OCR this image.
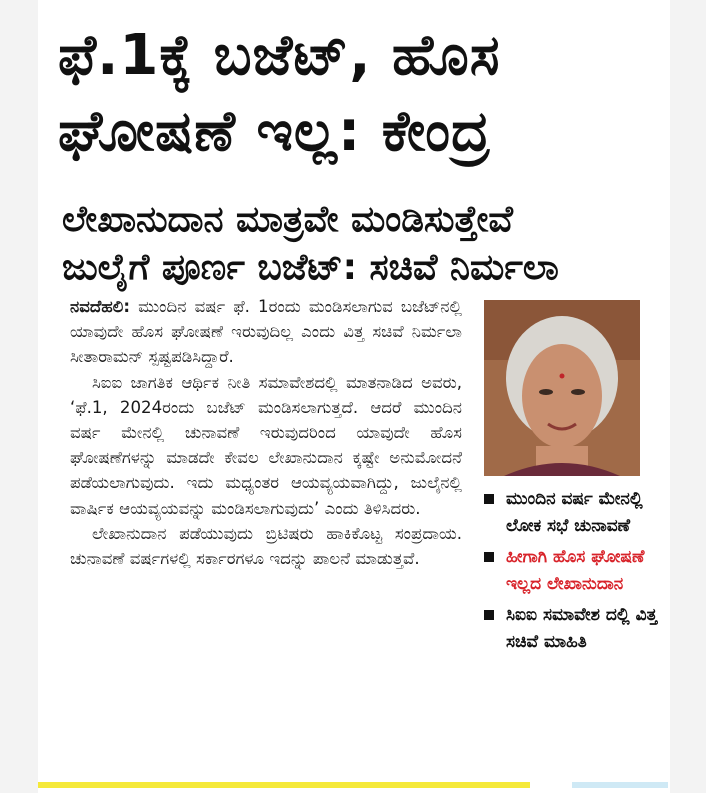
ಫೆ.1ಕ್ಕೆ ಬಜೆಟ್, ಹೊಸ
ಘೋಷಣೆ ಇಲ್ಲ: ಕೇಂದ್ರ
ಲೇಖಾನುದಾನ ಮಾತ್ರವೇ ಮಂಡಿಸುತ್ತೇವೆ
ಜುಲೈಗೆ ಪೂರ್ಣ ಬಜೆಟ್: ಸಚಿವೆ ನಿರ್ಮಲಾ

ನವದೆಹಲಿ: ಮುಂದಿನ ವರ್ಷ ಫೆ. 1ರಂದು ಮಂಡಿಸಲಾಗುವ ಬಜೆಟ್‌ನಲ್ಲಿ ಯಾವುದೇ ಹೊಸ ಘೋಷಣೆ ಇರುವುದಿಲ್ಲ ಎಂದು ವಿತ್ತ ಸಚಿವೆ ನಿರ್ಮಲಾ ಸೀತಾರಾಮನ್ ಸ್ಪಷ್ಟಪಡಿಸಿದ್ದಾರೆ.

ಸಿಐಐ ಜಾಗತಿಕ ಆರ್ಥಿಕ ನೀತಿ ಸಮಾವೇಶದಲ್ಲಿ ಮಾತನಾಡಿದ ಅವರು, ‘ಫೆ.1, 2024ರಂದು ಬಜೆಟ್ ಮಂಡಿಸಲಾಗುತ್ತದೆ. ಆದರೆ ಮುಂದಿನ ವರ್ಷ ಮೇನಲ್ಲಿ ಚುನಾವಣೆ ಇರುವುದರಿಂದ ಯಾವುದೇ ಹೊಸ ಘೋಷಣೆಗಳನ್ನು ಮಾಡದೇ ಕೇವಲ ಲೇಖಾನುದಾನ ಕ್ಕಷ್ಟೇ ಅನುಮೋದನೆ ಪಡೆಯಲಾಗುವುದು. ಇದು ಮಧ್ಯಂತರ ಆಯವ್ಯಯವಾಗಿದ್ದು, ಜುಲೈನಲ್ಲಿ ವಾರ್ಷಿಕ ಆಯವ್ಯಯವನ್ನು ಮಂಡಿಸಲಾಗುವುದು’ ಎಂದು ತಿಳಿಸಿದರು.

ಲೇಖಾನುದಾನ ಪಡೆಯುವುದು ಬ್ರಿಟಿಷರು ಹಾಕಿಕೊಟ್ಟ ಸಂಪ್ರದಾಯ. ಚುನಾವಣೆ ವರ್ಷಗಳಲ್ಲಿ ಸರ್ಕಾರಗಳೂ ಇದನ್ನು ಪಾಲನೆ ಮಾಡುತ್ತವೆ.

ಮುಂದಿನ ವರ್ಷ ಮೇನಲ್ಲಿ ಲೋಕ ಸಭೆ ಚುನಾವಣೆ
ಹೀಗಾಗಿ ಹೊಸ ಘೋಷಣೆ ಇಲ್ಲದ ಲೇಖಾನುದಾನ
ಸಿಐಐ ಸಮಾವೇಶ ದಲ್ಲಿ ವಿತ್ತ ಸಚಿವೆ ಮಾಹಿತಿ
